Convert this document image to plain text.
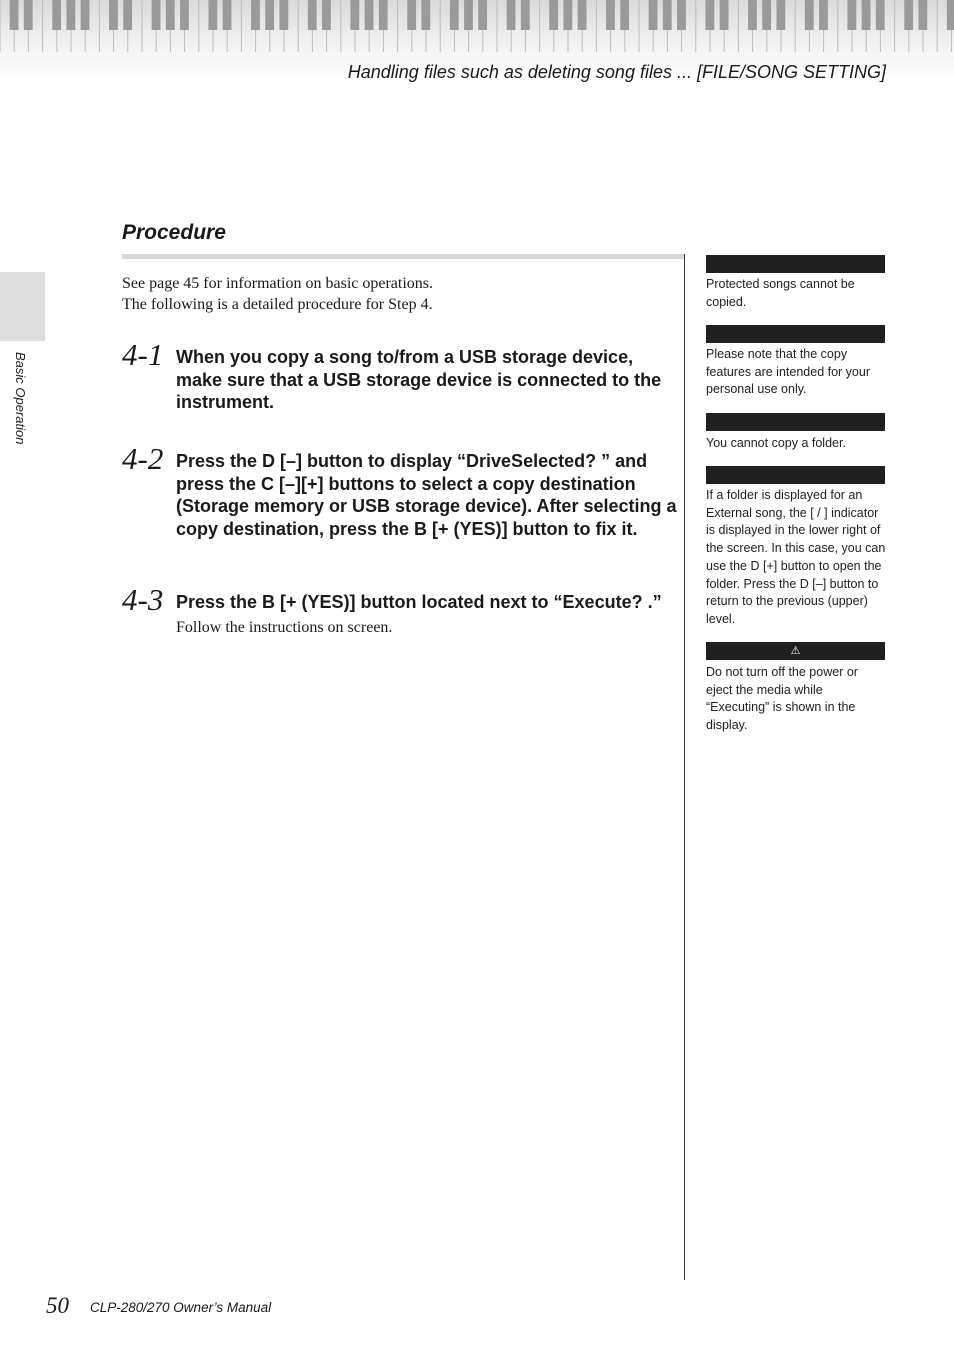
Handling files such as deleting song files ... [FILE/SONG SETTING]
Basic Operation
Procedure

See page 45 for information on basic operations.

The following is a detailed procedure for Step 4.

4-1 When you copy a song to/from a USB storage device, make sure that a USB storage device is connected to the instrument.
4-2 Press the D [–] button to display “DriveSelected? ” and press the C [–][+] buttons to select a copy destination (Storage memory or USB storage device). After selecting a copy destination, press the B [+ (YES)] button to fix it.
4-3 Press the B [+ (YES)] button located next to “Execute? .”
Follow the instructions on screen.

Protected songs cannot be copied.

Please note that the copy features are intended for your personal use only.

You cannot copy a folder.

If a folder is displayed for an External song, the [ / ] indicator is displayed in the lower right of the screen. In this case, you can use the D [+] button to open the folder. Press the D [–] button to return to the previous (upper) level.

⚠

Do not turn off the power or eject the media while “Executing” is shown in the display.

50 CLP-280/270 Owner’s Manual
